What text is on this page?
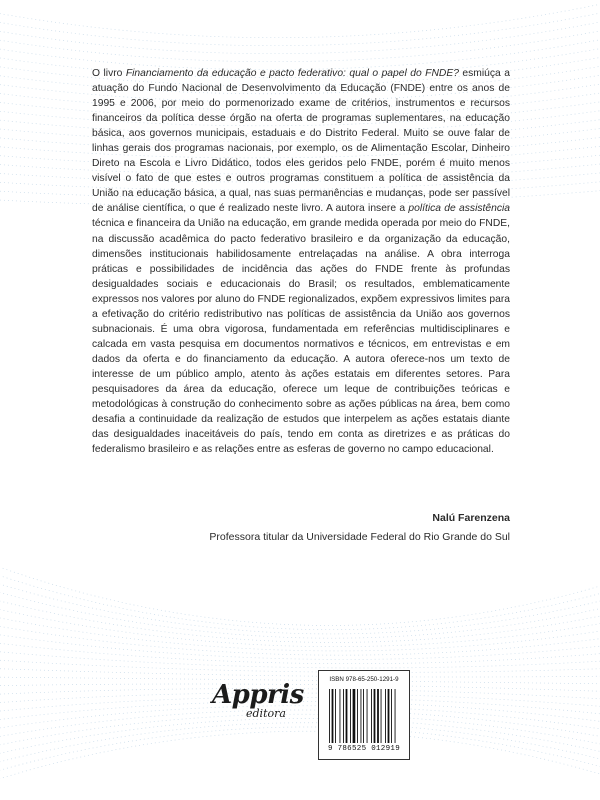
O livro Financiamento da educação e pacto federativo: qual o papel do FNDE? esmiúça a atuação do Fundo Nacional de Desenvolvimento da Educação (FNDE) entre os anos de 1995 e 2006, por meio do pormenorizado exame de critérios, instrumentos e recursos financeiros da política desse órgão na oferta de programas suplementares, na educação básica, aos governos municipais, estaduais e do Distrito Federal. Muito se ouve falar de linhas gerais dos programas nacionais, por exemplo, os de Alimentação Escolar, Dinheiro Direto na Escola e Livro Didático, todos eles geridos pelo FNDE, porém é muito menos visível o fato de que estes e outros programas constituem a política de assistência da União na educação básica, a qual, nas suas permanências e mudanças, pode ser passível de análise científica, o que é realizado neste livro. A autora insere a política de assistência técnica e financeira da União na educação, em grande medida operada por meio do FNDE, na discussão acadêmica do pacto federativo brasileiro e da organização da educação, dimensões institucionais habilidosamente entrelaçadas na análise. A obra interroga práticas e possibilidades de incidência das ações do FNDE frente às profundas desigualdades sociais e educacionais do Brasil; os resultados, emblematicamente expressos nos valores por aluno do FNDE regionalizados, expõem expressivos limites para a efetivação do critério redistributivo nas políticas de assistência da União aos governos subnacionais. É uma obra vigorosa, fundamentada em referências multidisciplinares e calcada em vasta pesquisa em documentos normativos e técnicos, em entrevistas e em dados da oferta e do financiamento da educação. A autora oferece-nos um texto de interesse de um público amplo, atento às ações estatais em diferentes setores. Para pesquisadores da área da educação, oferece um leque de contribuições teóricas e metodológicas à construção do conhecimento sobre as ações públicas na área, bem como desafia a continuidade da realização de estudos que interpelem as ações estatais diante das desigualdades inaceitáveis do país, tendo em conta as diretrizes e as práticas do federalismo brasileiro e as relações entre as esferas de governo no campo educacional.

Nalú Farenzena
Professora titular da Universidade Federal do Rio Grande do Sul
Appris
editora
ISBN 978-65-250-1291-9
9 786525 012919
